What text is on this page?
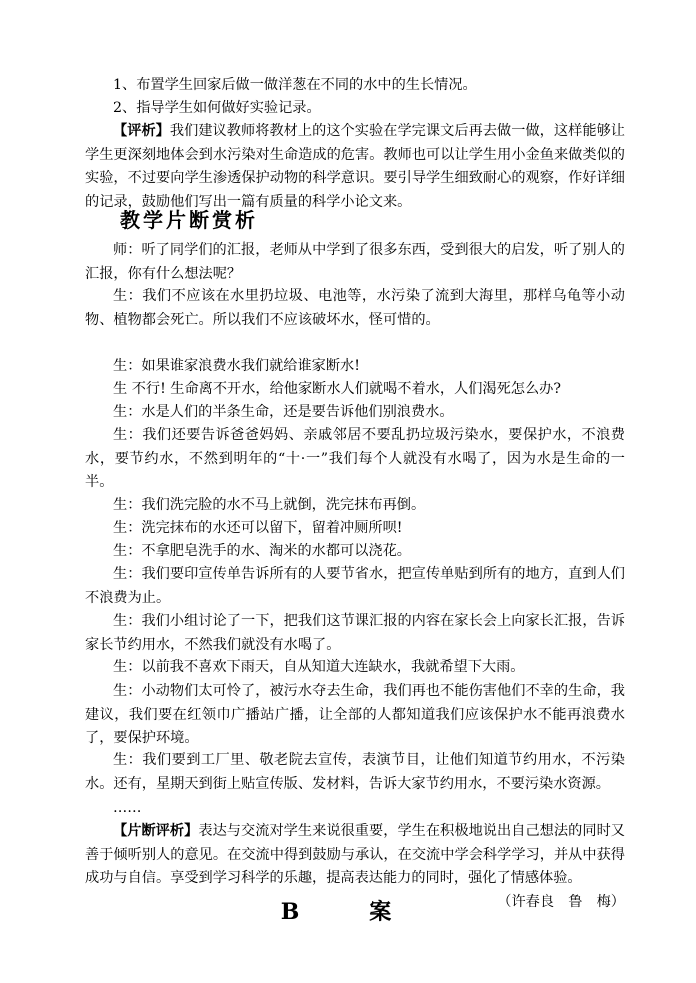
1、布置学生回家后做一做洋葱在不同的水中的生长情况。
2、指导学生如何做好实验记录。
【评析】我们建议教师将教材上的这个实验在学完课文后再去做一做，这样能够让学生更深刻地体会到水污染对生命造成的危害。教师也可以让学生用小金鱼来做类似的实验，不过要向学生渗透保护动物的科学意识。要引导学生细致耐心的观察，作好详细的记录，鼓励他们写出一篇有质量的科学小论文来。
教学片断赏析
师：听了同学们的汇报，老师从中学到了很多东西，受到很大的启发，听了别人的汇报，你有什么想法呢？
生：我们不应该在水里扔垃圾、电池等，水污染了流到大海里，那样乌龟等小动物、植物都会死亡。所以我们不应该破坏水，怪可惜的。
生：如果谁家浪费水我们就给谁家断水!
生 不行! 生命离不开水，给他家断水人们就喝不着水，人们渴死怎么办?
生：水是人们的半条生命，还是要告诉他们别浪费水。
生：我们还要告诉爸爸妈妈、亲戚邻居不要乱扔垃圾污染水，要保护水，不浪费水，要节约水，不然到明年的“十·一”我们每个人就没有水喝了，因为水是生命的一半。
生：我们洗完脸的水不马上就倒，洗完抹布再倒。
生：洗完抹布的水还可以留下，留着冲厕所呗!
生：不拿肥皂洗手的水、淘米的水都可以浇花。
生：我们要印宣传单告诉所有的人要节省水，把宣传单贴到所有的地方，直到人们不浪费为止。
生：我们小组讨论了一下，把我们这节课汇报的内容在家长会上向家长汇报，告诉家长节约用水，不然我们就没有水喝了。
生：以前我不喜欢下雨天，自从知道大连缺水，我就希望下大雨。
生：小动物们太可怜了，被污水夺去生命，我们再也不能伤害他们不幸的生命，我建议，我们要在红领巾广播站广播，让全部的人都知道我们应该保护水不能再浪费水了，要保护环境。
生：我们要到工厂里、敬老院去宣传，表演节目，让他们知道节约用水，不污染水。还有，星期天到街上贴宣传版、发材料，告诉大家节约用水，不要污染水资源。
……
【片断评析】表达与交流对学生来说很重要，学生在积极地说出自己想法的同时又善于倾听别人的意见。在交流中得到鼓励与承认，在交流中学会科学学习，并从中获得成功与自信。享受到学习科学的乐趣，提高表达能力的同时，强化了情感体验。
（许春良　鲁　梅）
B　案
